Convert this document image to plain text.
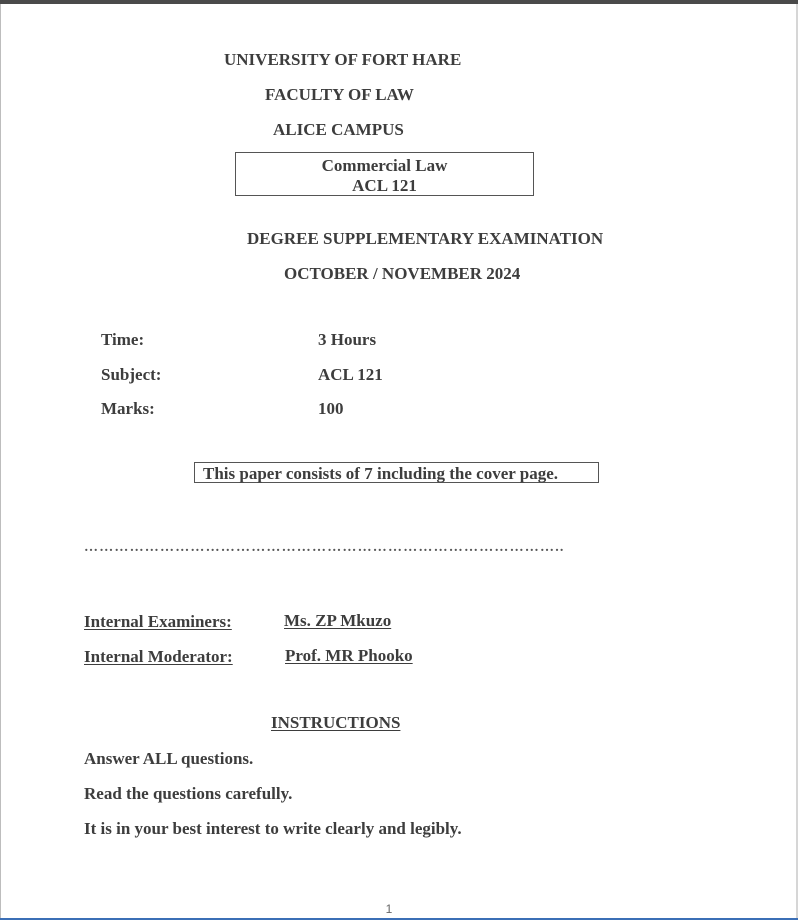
UNIVERSITY OF FORT HARE
FACULTY OF LAW
ALICE CAMPUS
Commercial Law
ACL 121
DEGREE SUPPLEMENTARY EXAMINATION
OCTOBER / NOVEMBER 2024
Time:	3 Hours
Subject:	ACL 121
Marks:	100
This paper consists of 7 including the cover page.
…………………………………………………………………………………..
Internal Examiners:	Ms. ZP Mkuzo
Internal Moderator:	Prof. MR Phooko
INSTRUCTIONS
Answer ALL questions.
Read the questions carefully.
It is in your best interest to write clearly and legibly.
1
